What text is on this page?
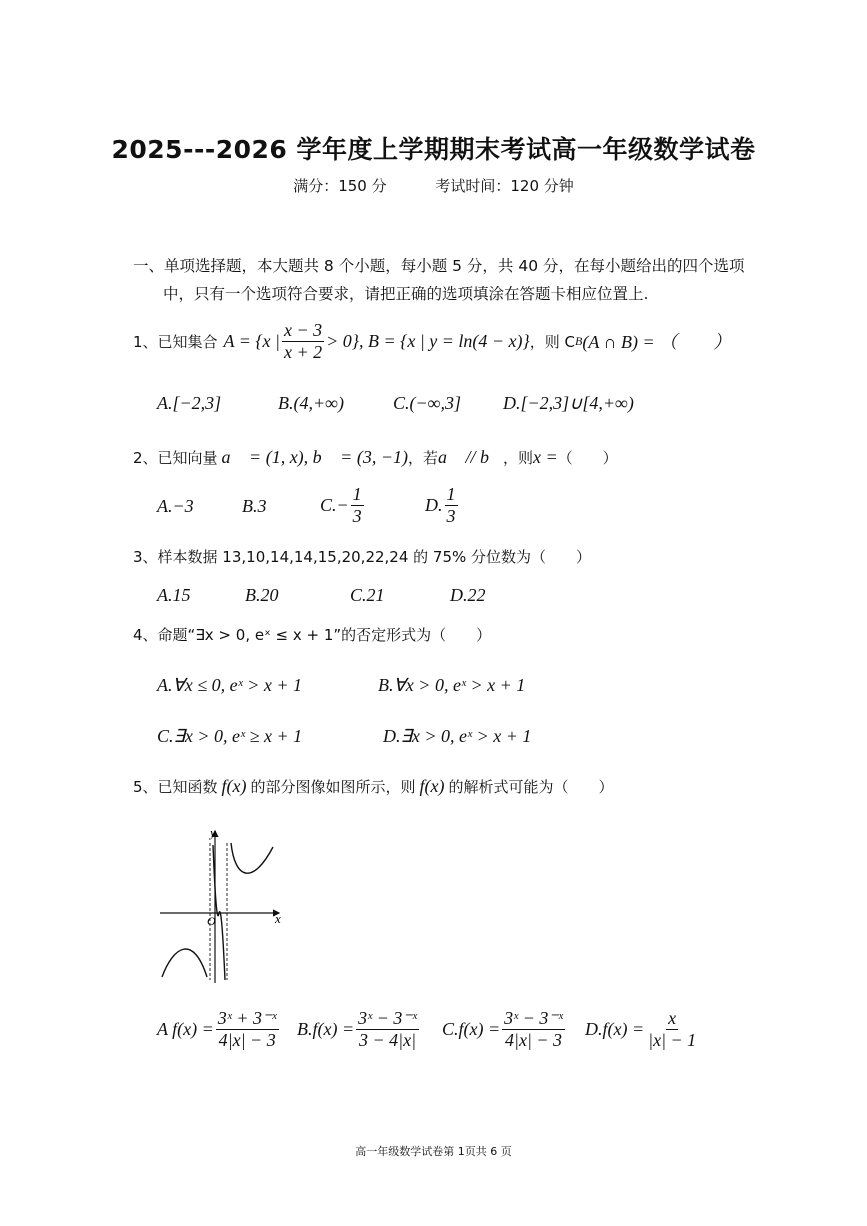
2025---2026 学年度上学期期末考试高一年级数学试卷
满分：150 分	考试时间：120 分钟
一、单项选择题，本大题共 8 个小题，每小题 5 分，共 40 分，在每小题给出的四个选项
中，只有一个选项符合要求，请把正确的选项填涂在答题卡相应位置上.
1、已知集合 A = {x | $\frac{x - 3}{x + 2} > 0$}, B = {x | y = ln(4 − x)} ，则 C B (A ∩ B) = （　　）
A.[−2,3]	B.(4,+∞)	C.(−∞,3] D.[−2,3]∪[4,+∞)
2、已知向量 a⃗ = (1, x), b⃗ = (3, −1) ，若 a⃗ // b⃗ ，则 x = （　　）
A.−3	B.3	$C.- \frac{1}{3}$	D. $\frac{1}{3}$
3、样本数据 13,10,14,14,15,20,22,24 的 75% 分位数为（　　）
A.15	B.20	C.21	D.22
4、命题“∃x > 0, eˣ ≤ x + 1”的否定形式为（　　）
A.∀x ≤ 0, eˣ > x + 1	B.∀x > 0, eˣ > x + 1
C.∃x > 0, eˣ ≥ x + 1	D.∃x > 0, eˣ > x + 1
5、已知函数 f(x) 的部分图像如图所示，则 f(x) 的解析式可能为（　　）
x
y
O
A $f(x) = \frac{\text{3ˣ + 3⁻ˣ}}{4|x| - 3} B.f(x) = \frac{\text{3ˣ − 3⁻ˣ}}{3 - 4|x|} C.f(x) = \frac{\text{3ˣ − 3⁻ˣ}}{4|x| - 3} D.f(x) = \frac{x}{|x| - 1}$
高一年级数学试卷第 1页共 6 页
